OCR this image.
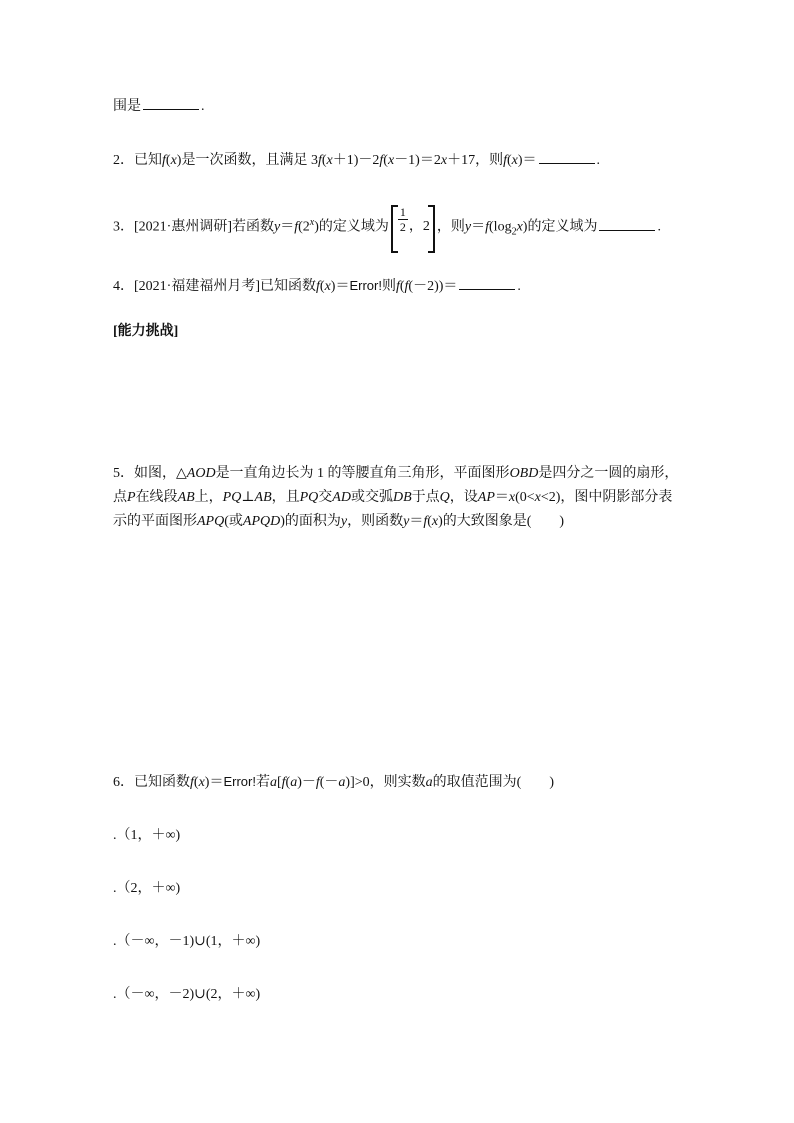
围是	.
2．已知f(x)是一次函数，且满足 3f(x＋1)－2f(x－1)＝2x＋17，则f(x)＝	.
3．[2021·惠州调研]若函数$y=f(2^x)$的定义域为 $\frac{1}{2}$ ，2 ，则$y=f(\log_2x)$的定义域为	.
4．[2021·福建福州月考]已知函数f(x)＝Error!则f(f(－2))＝	.
[能力挑战]
5．如图，△AOD是一直角边长为 1 的等腰直角三角形，平面图形OBD是四分之一圆的扇形，点P在线段AB上，PQ⊥AB，且PQ交AD或交弧DB于点Q，设AP＝x(0<x<2)，图中阴影部分表示的平面图形APQ(或APQD)的面积为y，则函数y＝f(x)的大致图象是(　　)
6．已知函数f(x)＝Error!若a[f(a)－f(－a)]>0，则实数a的取值范围为(　　)
.（1，＋∞)
.（2，＋∞)
.（－∞，－1)∪(1，＋∞)
.（－∞，－2)∪(2，＋∞)
